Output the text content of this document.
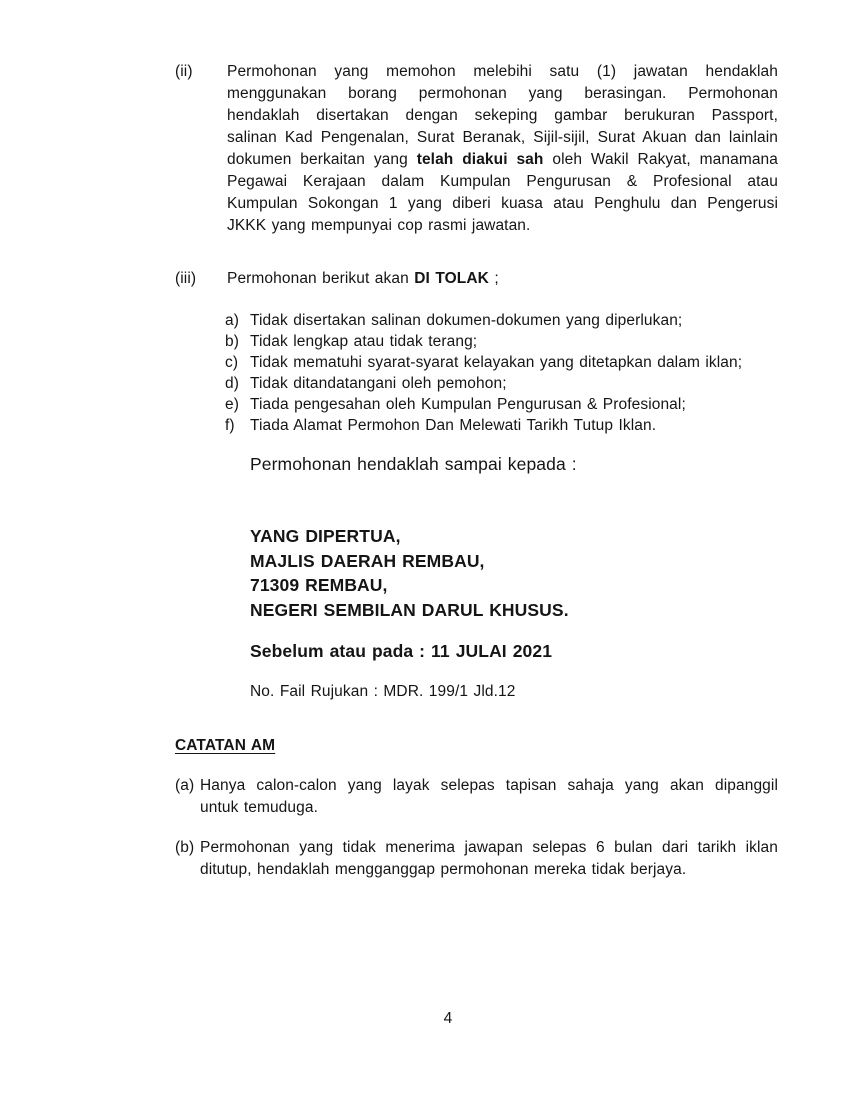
(ii)	Permohonan yang memohon melebihi satu (1) jawatan hendaklah
menggunakan borang permohonan yang berasingan. Permohonan
hendaklah disertakan dengan sekeping gambar berukuran Passport,
salinan Kad Pengenalan, Surat Beranak, Sijil-sijil, Surat Akuan dan lainlain
dokumen berkaitan yang telah diakui sah oleh Wakil Rakyat, manamana
Pegawai Kerajaan dalam Kumpulan Pengurusan & Profesional atau
Kumpulan Sokongan 1 yang diberi kuasa atau Penghulu dan Pengerusi
JKKK yang mempunyai cop rasmi jawatan.
(iii)	Permohonan berikut akan DI TOLAK ;
a) Tidak disertakan salinan dokumen-dokumen yang diperlukan;
b) Tidak lengkap atau tidak terang;
c) Tidak mematuhi syarat-syarat kelayakan yang ditetapkan dalam iklan;
d) Tidak ditandatangani oleh pemohon;
e) Tiada pengesahan oleh Kumpulan Pengurusan & Profesional;
f) Tiada Alamat Permohon Dan Melewati Tarikh Tutup Iklan.
Permohonan hendaklah sampai kepada :
YANG DIPERTUA,
MAJLIS DAERAH REMBAU,
71309 REMBAU,
NEGERI SEMBILAN DARUL KHUSUS.
Sebelum atau pada : 11 JULAI 2021
No. Fail Rujukan : MDR. 199/1 Jld.12
CATATAN AM
(a) Hanya calon-calon yang layak selepas tapisan sahaja yang akan dipanggil
untuk temuduga.
(b) Permohonan yang tidak menerima jawapan selepas 6 bulan dari tarikh iklan
ditutup, hendaklah mengganggap permohonan mereka tidak berjaya.
4
